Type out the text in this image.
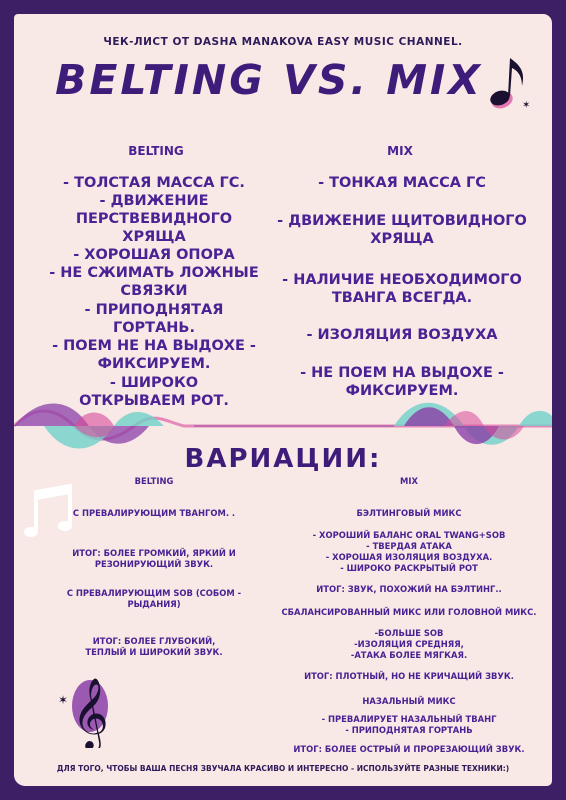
ЧЕК-ЛИСТ ОТ DASHA MANAKOVA EASY MUSIC CHANNEL.
BELTING VS. MIX
✶
BELTING	MIX
- ТОЛСТАЯ МАССА ГС.
- ДВИЖЕНИЕ ПЕРСТВЕВИДНОГО ХРЯЩА
- ХОРОШАЯ ОПОРА
- НЕ СЖИМАТЬ ЛОЖНЫЕ СВЯЗКИ
- ПРИПОДНЯТАЯ ГОРТАНЬ.
- ПОЕМ НЕ НА ВЫДОХЕ - ФИКСИРУЕМ.
- ШИРОКО ОТКРЫВАЕМ РОТ.
- ТОНКАЯ МАССА ГС
- ДВИЖЕНИЕ ЩИТОВИДНОГО ХРЯЩА
- НАЛИЧИЕ НЕОБХОДИМОГО ТВАНГА ВСЕГДА.
- ИЗОЛЯЦИЯ ВОЗДУХА
- НЕ ПОЕМ НА ВЫДОХЕ - ФИКСИРУЕМ.
ВАРИАЦИИ:
BELTING	MIX
С ПРЕВАЛИРУЮЩИМ ТВАНГОМ. .
ИТОГ: БОЛЕЕ ГРОМКИЙ, ЯРКИЙ И РЕЗОНИРУЮЩИЙ ЗВУК.
С ПРЕВАЛИРУЮЩИМ SOB (СОБОМ - РЫДАНИЯ)
ИТОГ: БОЛЕЕ ГЛУБОКИЙ, ТЕПЛЫЙ И ШИРОКИЙ ЗВУК.
𝄞
✶
БЭЛТИНГОВЫЙ МИКС
- ХОРОШИЙ БАЛАНС ORAL TWANG+SOB
- ТВЕРДАЯ АТАКА
- ХОРОШАЯ ИЗОЛЯЦИЯ ВОЗДУХА.
- ШИРОКО РАСКРЫТЫЙ РОТ
ИТОГ: ЗВУК, ПОХОЖИЙ НА БЭЛТИНГ..
СБАЛАНСИРОВАННЫЙ МИКС ИЛИ ГОЛОВНОЙ МИКС.
-БОЛЬШЕ SOB
-ИЗОЛЯЦИЯ СРЕДНЯЯ,
-АТАКА БОЛЕЕ МЯГКАЯ.
ИТОГ: ПЛОТНЫЙ, НО НЕ КРИЧАЩИЙ ЗВУК.
НАЗАЛЬНЫЙ МИКС
- ПРЕВАЛИРУЕТ НАЗАЛЬНЫЙ ТВАНГ
- ПРИПОДНЯТАЯ ГОРТАНЬ
ИТОГ: БОЛЕЕ ОСТРЫЙ И ПРОРЕЗАЮЩИЙ ЗВУК.
ДЛЯ ТОГО, ЧТОБЫ ВАША ПЕСНЯ ЗВУЧАЛА КРАСИВО И ИНТЕРЕСНО - ИСПОЛЬЗУЙТЕ РАЗНЫЕ ТЕХНИКИ:)
